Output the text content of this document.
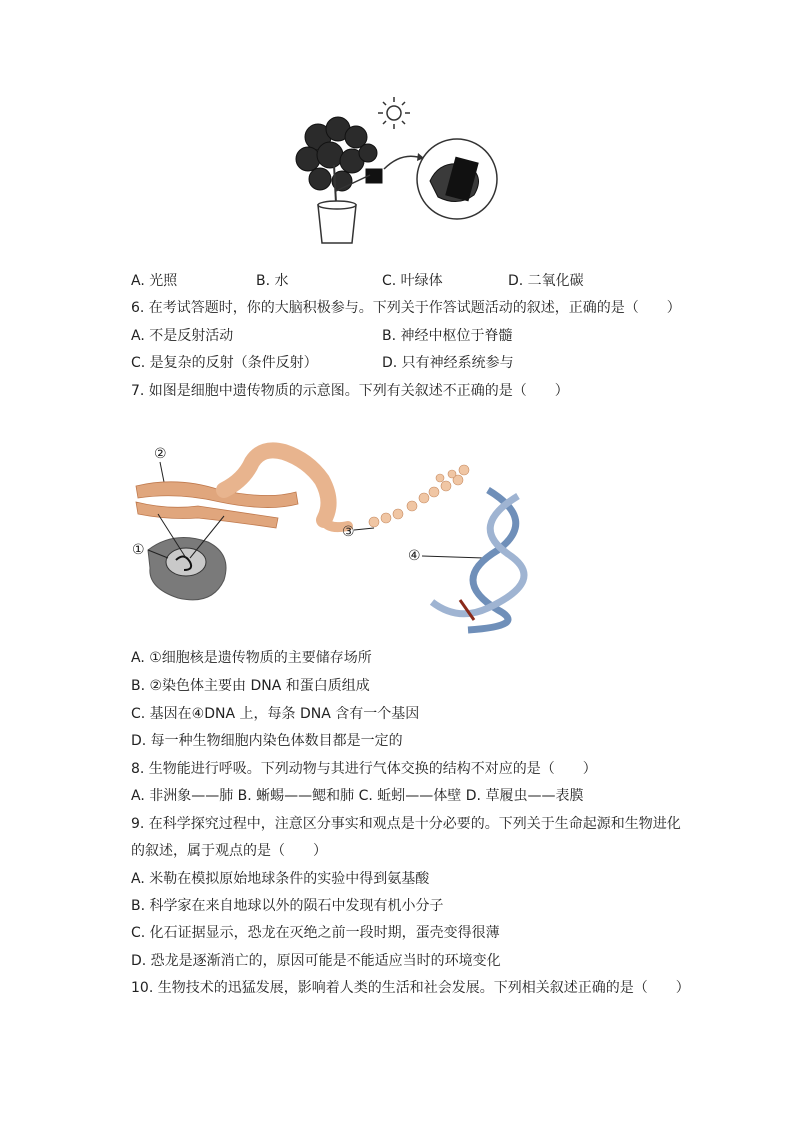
A. 光照	B. 水	C. 叶绿体	D. 二氧化碳
6. 在考试答题时，你的大脑积极参与。下列关于作答试题活动的叙述，正确的是（　　）
A. 不是反射活动	B. 神经中枢位于脊髓
C. 是复杂的反射（条件反射）	D. 只有神经系统参与
7. 如图是细胞中遗传物质的示意图。下列有关叙述不正确的是（　　）
②
①
③
④
A. ①细胞核是遗传物质的主要储存场所
B. ②染色体主要由 DNA 和蛋白质组成
C. 基因在④DNA 上，每条 DNA 含有一个基因
D. 每一种生物细胞内染色体数目都是一定的
8. 生物能进行呼吸。下列动物与其进行气体交换的结构不对应的是（　　）
A. 非洲象——肺 B. 蜥蜴——鳃和肺 C. 蚯蚓——体壁 D. 草履虫——表膜
9. 在科学探究过程中，注意区分事实和观点是十分必要的。下列关于生命起源和生物进化
的叙述，属于观点的是（　　）
A. 米勒在模拟原始地球条件的实验中得到氨基酸
B. 科学家在来自地球以外的陨石中发现有机小分子
C. 化石证据显示，恐龙在灭绝之前一段时期，蛋壳变得很薄
D. 恐龙是逐渐消亡的，原因可能是不能适应当时的环境变化
10. 生物技术的迅猛发展，影响着人类的生活和社会发展。下列相关叙述正确的是（　　）
